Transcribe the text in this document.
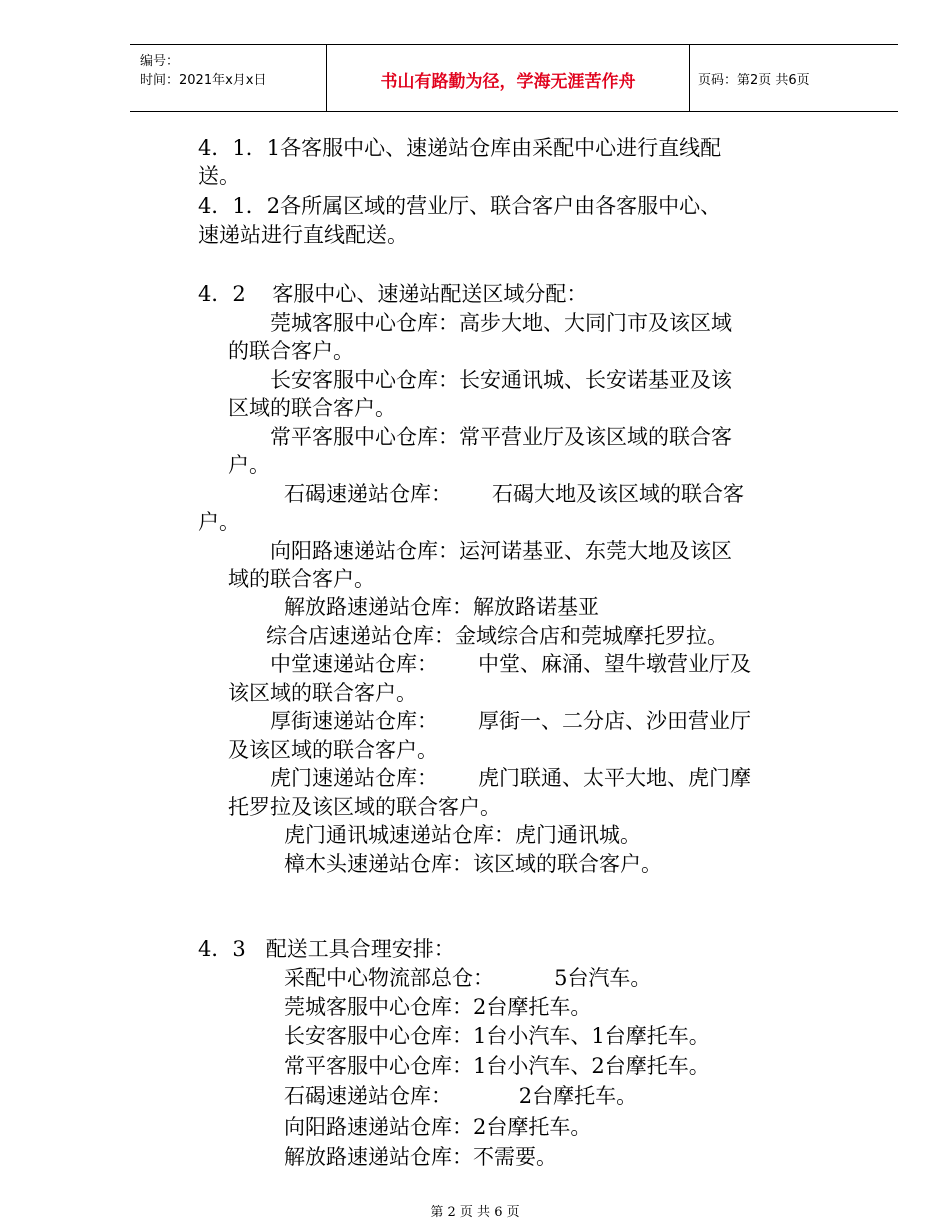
编号：
时间：2021年x月x日	书山有路勤为径，学海无涯苦作舟	页码：第2页 共6页
4．1．1各客服中心、速递站仓库由采配中心进行直线配
送。
4．1．2各所属区域的营业厅、联合客户由各客服中心、
速递站进行直线配送。
4．2    客服中心、速递站配送区域分配：
莞城客服中心仓库：高步大地、大同门市及该区域
的联合客户。
长安客服中心仓库：长安通讯城、长安诺基亚及该
区域的联合客户。
常平客服中心仓库：常平营业厅及该区域的联合客
户。
石碣速递站仓库：      石碣大地及该区域的联合客
户。
向阳路速递站仓库：运河诺基亚、东莞大地及该区
域的联合客户。
解放路速递站仓库：解放路诺基亚
综合店速递站仓库：金域综合店和莞城摩托罗拉。
中堂速递站仓库：      中堂、麻涌、望牛墩营业厅及
该区域的联合客户。
厚街速递站仓库：      厚街一、二分店、沙田营业厅
及该区域的联合客户。
虎门速递站仓库：      虎门联通、太平大地、虎门摩
托罗拉及该区域的联合客户。
虎门通讯城速递站仓库：虎门通讯城。
樟木头速递站仓库：该区域的联合客户。
4．3   配送工具合理安排：
采配中心物流部总仓：         5台汽车。
莞城客服中心仓库：2台摩托车。
长安客服中心仓库：1台小汽车、1台摩托车。
常平客服中心仓库：1台小汽车、2台摩托车。
石碣速递站仓库：          2台摩托车。
向阳路速递站仓库：2台摩托车。
解放路速递站仓库：不需要。
第 2 页 共 6 页
